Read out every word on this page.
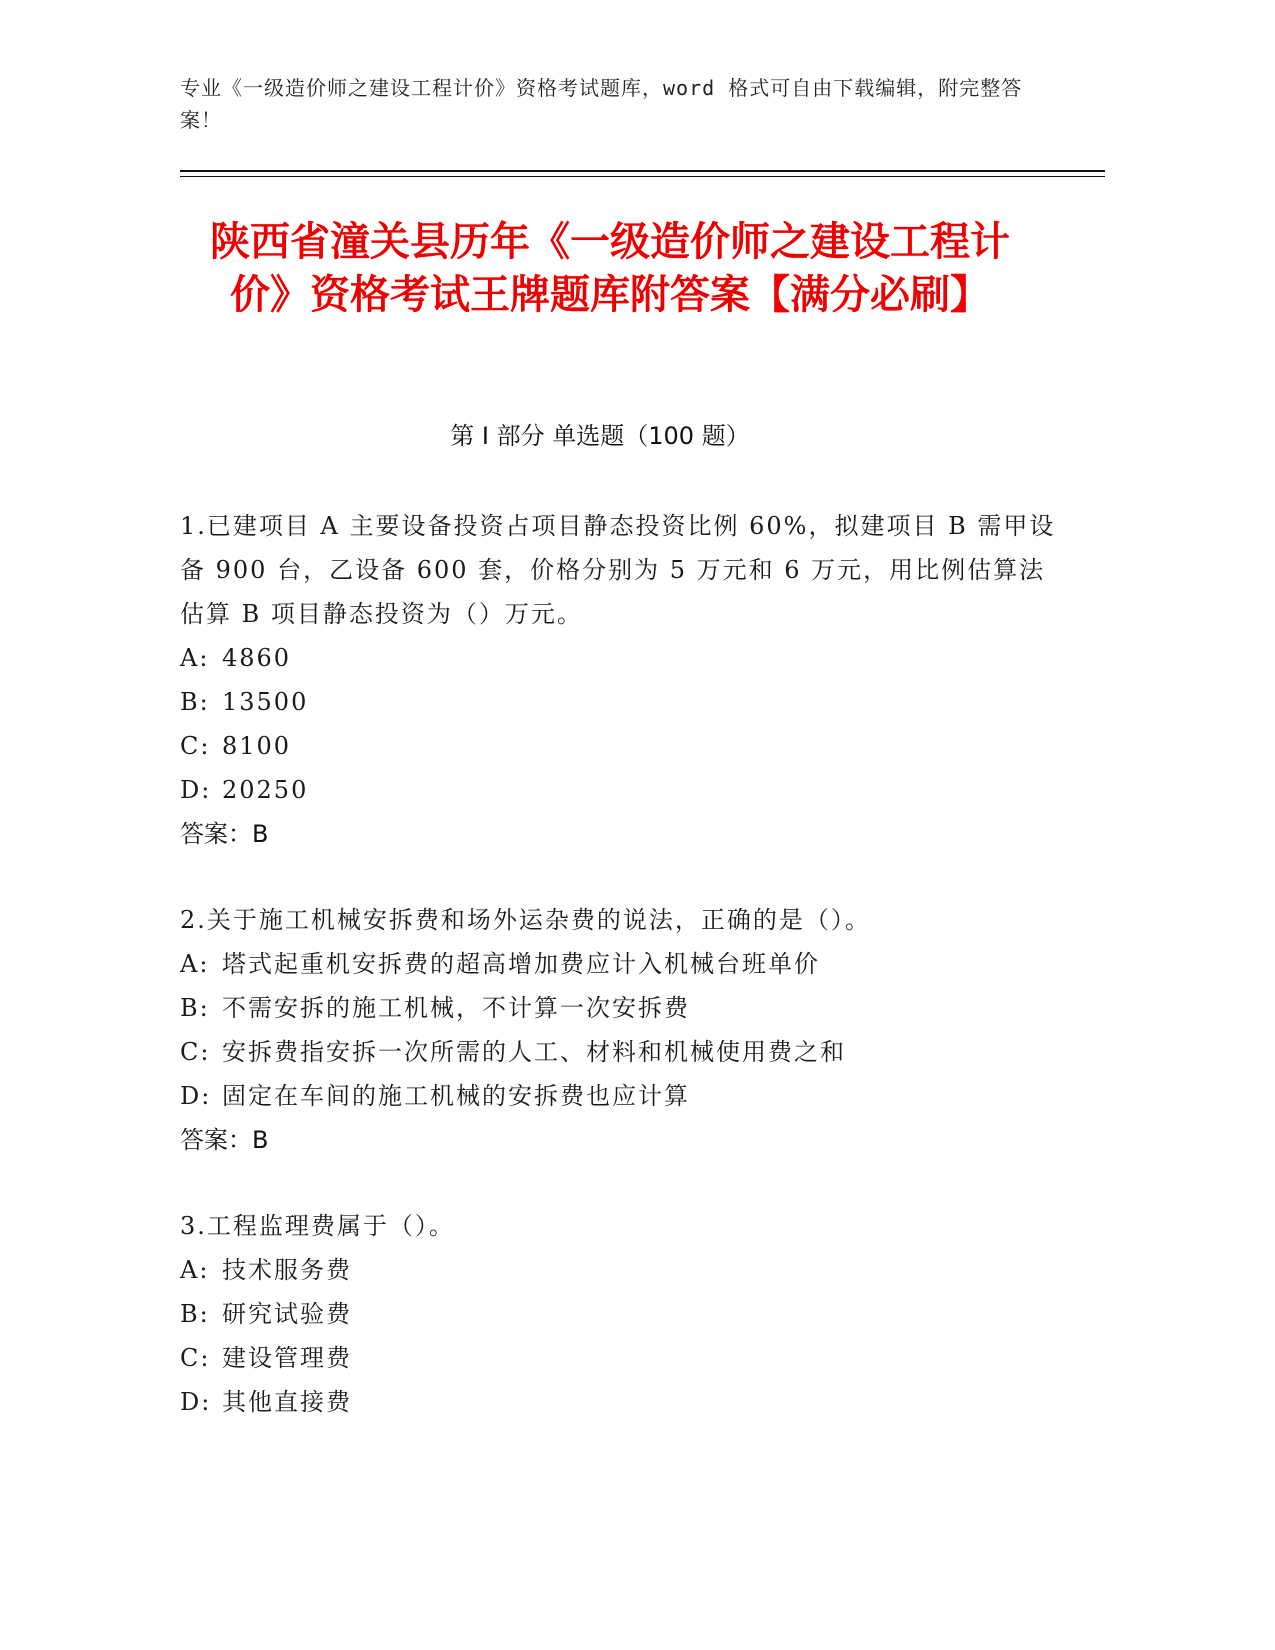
专业《一级造价师之建设工程计价》资格考试题库，word 格式可自由下载编辑，附完整答案！
陕西省潼关县历年《一级造价师之建设工程计价》资格考试王牌题库附答案【满分必刷】
第 I 部分 单选题（100 题）

1.已建项目 A 主要设备投资占项目静态投资比例 60%，拟建项目 B 需甲设备 900 台，乙设备 600 套，价格分别为 5 万元和 6 万元，用比例估算法估算 B 项目静态投资为（）万元。

A: 4860

B: 13500

C: 8100

D: 20250

答案：B

2.关于施工机械安拆费和场外运杂费的说法，正确的是（）。

A: 塔式起重机安拆费的超高增加费应计入机械台班单价

B: 不需安拆的施工机械，不计算一次安拆费

C: 安拆费指安拆一次所需的人工、材料和机械使用费之和

D: 固定在车间的施工机械的安拆费也应计算

答案：B

3.工程监理费属于（）。

A: 技术服务费

B: 研究试验费

C: 建设管理费

D: 其他直接费
